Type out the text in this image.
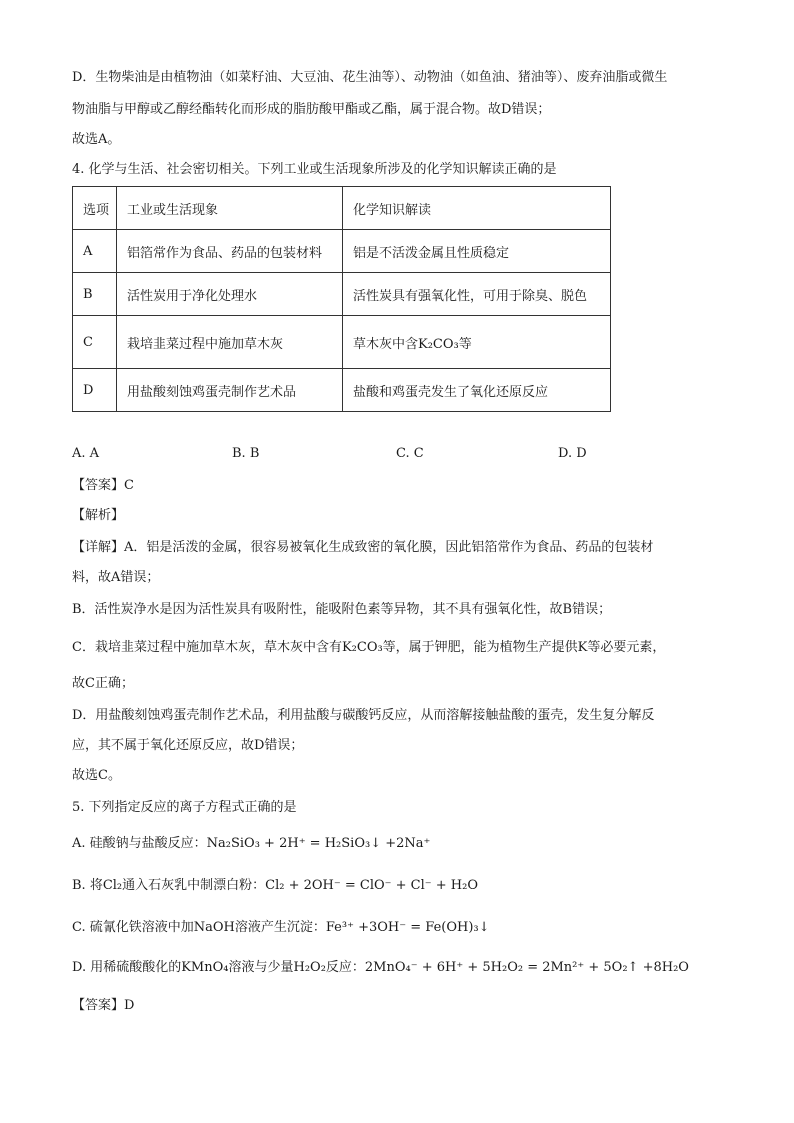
D．生物柴油是由植物油（如菜籽油、大豆油、花生油等）、动物油（如鱼油、猪油等）、废弃油脂或微生
物油脂与甲醇或乙醇经酯转化而形成的脂肪酸甲酯或乙酯，属于混合物。故D错误；
故选A。
4. 化学与生活、社会密切相关。下列工业或生活现象所涉及的化学知识解读正确的是
选项	工业或生活现象	化学知识解读
A	铝箔常作为食品、药品的包装材料	铝是不活泼金属且性质稳定
B	活性炭用于净化处理水	活性炭具有强氧化性，可用于除臭、脱色
C	栽培韭菜过程中施加草木灰	草木灰中含K₂CO₃等
D	用盐酸刻蚀鸡蛋壳制作艺术品	盐酸和鸡蛋壳发生了氧化还原反应
A. A	B. B	C. C	D. D
【答案】C
【解析】
【详解】A．铝是活泼的金属，很容易被氧化生成致密的氧化膜，因此铝箔常作为食品、药品的包装材
料，故A错误；
B．活性炭净水是因为活性炭具有吸附性，能吸附色素等异物，其不具有强氧化性，故B错误；
C．栽培韭菜过程中施加草木灰，草木灰中含有K₂CO₃等，属于钾肥，能为植物生产提供K等必要元素，
故C正确；
D．用盐酸刻蚀鸡蛋壳制作艺术品，利用盐酸与碳酸钙反应，从而溶解接触盐酸的蛋壳，发生复分解反
应，其不属于氧化还原反应，故D错误；
故选C。
5. 下列指定反应的离子方程式正确的是
A. 硅酸钠与盐酸反应：Na₂SiO₃ + 2H⁺ = H₂SiO₃↓ +2Na⁺
B. 将Cl₂通入石灰乳中制漂白粉：Cl₂ + 2OH⁻ = ClO⁻ + Cl⁻ + H₂O
C. 硫氰化铁溶液中加NaOH溶液产生沉淀：Fe³⁺ +3OH⁻ = Fe(OH)₃↓
D. 用稀硫酸酸化的KMnO₄溶液与少量H₂O₂反应：2MnO₄⁻ + 6H⁺ + 5H₂O₂ = 2Mn²⁺ + 5O₂↑ +8H₂O
【答案】D
